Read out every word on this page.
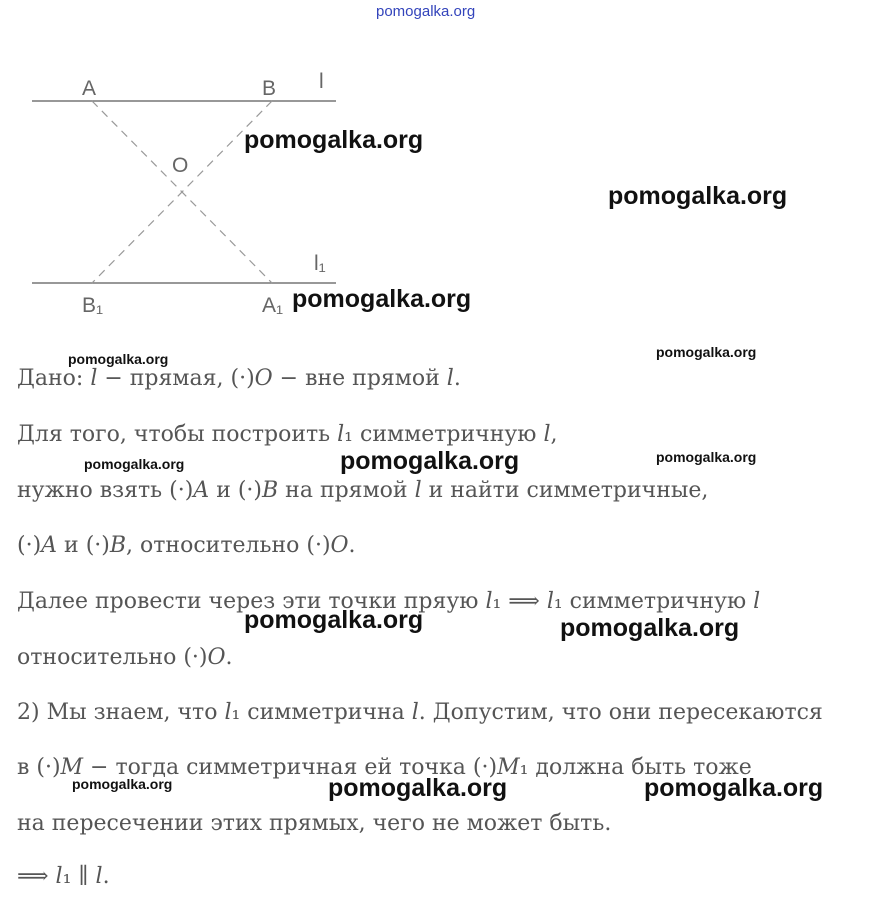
pomogalka.org
A	B l
O
l₁
B₁	A₁
pomogalka.org
pomogalka.org
pomogalka.org
pomogalka.org	pomogalka.org
pomogalka.org	pomogalka.org	pomogalka.org
pomogalka.org	pomogalka.org
pomogalka.org	pomogalka.org	pomogalka.org
Дано: 𝑙 − прямая, (·)𝑂 − вне прямой 𝑙.
Для того, чтобы построить 𝑙₁ симметричную 𝑙,
нужно взять (·)𝐴 и (·)𝐵 на прямой 𝑙 и найти симметричные,
(·)𝐴 и (·)𝐵, относительно (·)𝑂.
Далее провести через эти точки пряую 𝑙₁ ⟹ 𝑙₁ симметричную 𝑙
относительно (·)𝑂.
2) Мы знаем, что 𝑙₁ симметрична 𝑙. Допустим, что они пересекаются
в (·)𝑀 − тогда симметричная ей точка (·)𝑀₁ должна быть тоже
на пересечении этих прямых, чего не может быть.
⟹ 𝑙₁ ∥ 𝑙.
